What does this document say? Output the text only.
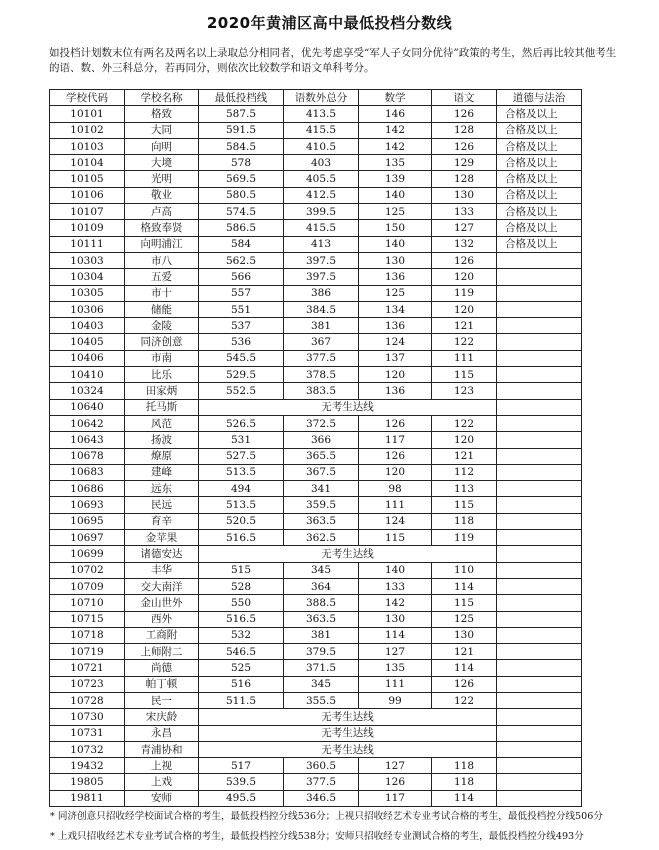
2020年黄浦区高中最低投档分数线
如投档计划数末位有两名及两名以上录取总分相同者，优先考虑享受“军人子女同分优待”政策的考生，然后再比较其他考生的语、数、外三科总分，若再同分，则依次比较数学和语文单科考分。
学校代码	学校名称	最低投档线	语数外总分	数学	语文	道德与法治
10101	格致	587.5	413.5	146	126	合格及以上
10102	大同	591.5	415.5	142	128	合格及以上
10103	向明	584.5	410.5	142	126	合格及以上
10104	大境	578	403	135	129	合格及以上
10105	光明	569.5	405.5	139	128	合格及以上
10106	敬业	580.5	412.5	140	130	合格及以上
10107	卢高	574.5	399.5	125	133	合格及以上
10109	格致奉贤	586.5	415.5	150	127	合格及以上
10111	向明浦江	584	413	140	132	合格及以上
10303	市八	562.5	397.5	130	126	
10304	五爱	566	397.5	136	120	
10305	市十	557	386	125	119	
10306	储能	551	384.5	134	120	
10403	金陵	537	381	136	121	
10405	同济创意	536	367	124	122	
10406	市南	545.5	377.5	137	111	
10410	比乐	529.5	378.5	120	115	
10324	田家炳	552.5	383.5	136	123	
10640	托马斯	无考生达线				
10642	风范	526.5	372.5	126	122	
10643	扬波	531	366	117	120	
10678	燎原	527.5	365.5	126	121	
10683	建峰	513.5	367.5	120	112	
10686	远东	494	341	98	113	
10693	民远	513.5	359.5	111	115	
10695	育辛	520.5	363.5	124	118	
10697	金苹果	516.5	362.5	115	119	
10699	诸德安达	无考生达线				
10702	丰华	515	345	140	110	
10709	交大南洋	528	364	133	114	
10710	金山世外	550	388.5	142	115	
10715	西外	516.5	363.5	130	125	
10718	工商附	532	381	114	130	
10719	上师附二	546.5	379.5	127	121	
10721	尚德	525	371.5	135	114	
10723	帕丁顿	516	345	111	126	
10728	民一	511.5	355.5	99	122	
10730	宋庆龄	无考生达线				
10731	永昌	无考生达线				
10732	青浦协和	无考生达线				
19432	上视	517	360.5	127	118	
19805	上戏	539.5	377.5	126	118	
19811	安师	495.5	346.5	117	114	
* 同济创意只招收经学校面试合格的考生，最低投档控分线536分；上视只招收经艺术专业考试合格的考生，最低投档控分线506分
* 上戏只招收经艺术专业考试合格的考生，最低投档控分线538分；安师只招收经专业测试合格的考生，最低投档控分线493分
